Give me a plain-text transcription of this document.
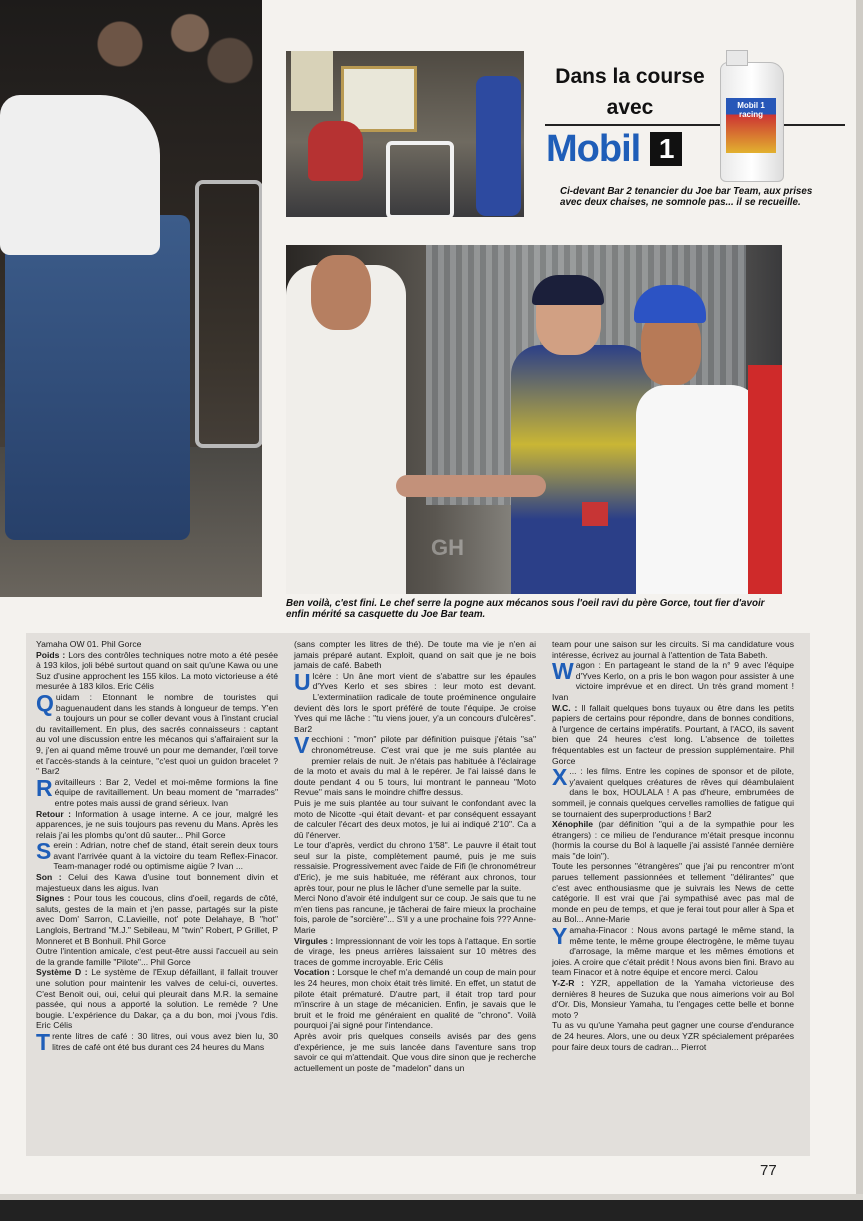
Dans la course
avec
Mobil 1
Mobil 1 racing
Ci-devant Bar 2 tenancier du Joe bar Team, aux prises avec deux chaises, ne somnole pas... il se recueille.
GH
Ben voilà, c'est fini. Le chef serre la pogne aux mécanos sous l'oeil ravi du père Gorce, tout fier d'avoir enfin mérité sa casquette du Joe Bar team.

Yamaha OW 01. Phil Gorce

Poids : Lors des contrôles techniques notre moto a été pesée à 193 kilos, joli bébé surtout quand on sait qu'une Kawa ou une Suz d'usine approchent les 155 kilos. La moto victorieuse a été mesurée à 183 kilos. Eric Célis

Quidam : Etonnant le nombre de touristes qui baguenaudent dans les stands à longueur de temps. Y'en a toujours un pour se coller devant vous à l'instant crucial du ravitaillement. En plus, des sacrés connaisseurs : captant au vol une discussion entre les mécanos qui s'affairaient sur la 9, j'en ai quand même trouvé un pour me demander, l'œil torve et l'accès-stands à la ceinture, "c'est quoi un guidon bracelet ? " Bar2

Ravitailleurs : Bar 2, Vedel et moi-même formions la fine équipe de ravitaillement. Un beau moment de "marrades" entre potes mais aussi de grand sérieux. Ivan

Retour : Information à usage interne. A ce jour, malgré les apparences, je ne suis toujours pas revenu du Mans. Après les relais j'ai les plombs qu'ont dû sauter... Phil Gorce

Serein : Adrian, notre chef de stand, était serein deux tours avant l'arrivée quant à la victoire du team Reflex-Finacor. Team-manager rodé ou optimisme aigüe ? Ivan ...

Son : Celui des Kawa d'usine tout bonnement divin et majestueux dans les aigus. Ivan

Signes : Pour tous les coucous, clins d'oeil, regards de côté, saluts, gestes de la main et j'en passe, partagés sur la piste avec Dom' Sarron, C.Lavieille, not' pote Delahaye, B "hot" Langlois, Bertrand "M.J." Sebileau, M "twin" Robert, P Grillet, P Monneret et B Bonhuil. Phil Gorce

Outre l'intention amicale, c'est peut-être aussi l'accueil au sein de la grande famille "Pilote"... Phil Gorce

Système D : Le système de l'Exup défaillant, il fallait trouver une solution pour maintenir les valves de celui-ci, ouvertes. C'est Benoit oui, oui, celui qui pleurait dans M.R. la semaine passée, qui nous a apporté la solution. Le remède ? Une bougie. L'expérience du Dakar, ça a du bon, moi j'vous l'dis. Eric Célis

Trente litres de café : 30 litres, oui vous avez bien lu, 30 litres de café ont été bus durant ces 24 heures du Mans

(sans compter les litres de thé). De toute ma vie je n'en ai jamais préparé autant. Exploit, quand on sait que je ne bois jamais de café. Babeth

Ulcère : Un âne mort vient de s'abattre sur les épaules d'Yves Kerlo et ses sbires : leur moto est devant. L'exterminatiion radicale de toute proéminence ongulaire devient dès lors le sport préféré de toute l'équipe. Je croise Yves qui me lâche : "tu viens jouer, y'a un concours d'ulcères". Bar2

Vecchioni : "mon" pilote par définition puisque j'étais "sa" chronométreuse. C'est vrai que je me suis plantée au premier relais de nuit. Je n'étais pas habituée à l'éclairage de la moto et avais du mal à le repérer. Je l'ai laissé dans le doute pendant 4 ou 5 tours, lui montrant le panneau "Moto Revue" mais sans le moindre chiffre dessus.

Puis je me suis plantée au tour suivant le confondant avec la moto de Nicotte -qui était devant- et par conséquent essayant de calculer l'écart des deux motos, je lui ai indiqué 2'10". Ca a dû l'énerver.

Le tour d'après, verdict du chrono 1'58". Le pauvre il était tout seul sur la piste, complètement paumé, puis je me suis ressaisie. Progressivement avec l'aide de Fifi (le chronométreur d'Eric), je me suis habituée, me référant aux chronos, tour après tour, pour ne plus le lâcher d'une semelle par la suite.

Merci Nono d'avoir été indulgent sur ce coup. Je sais que tu ne m'en tiens pas rancune, je tâcherai de faire mieux la prochaine fois, parole de "sorcière"... S'il y a une prochaine fois ??? Anne-Marie

Virgules : Impressionnant de voir les tops à l'attaque. En sortie de virage, les pneus arrières laissaient sur 10 mètres des traces de gomme incroyable. Eric Célis

Vocation : Lorsque le chef m'a demandé un coup de main pour les 24 heures, mon choix était très limité. En effet, un statut de pilote était prématuré. D'autre part, il était trop tard pour m'inscrire à un stage de mécanicien. Enfin, je savais que le bruit et le froid me généraient en qualité de "chrono". Voilà pourquoi j'ai signé pour l'intendance.

Après avoir pris quelques conseils avisés par des gens d'expérience, je me suis lancée dans l'aventure sans trop savoir ce qui m'attendait. Que vous dire sinon que je recherche actuellement un poste de "madelon" dans un

team pour une saison sur les circuits. Si ma candidature vous intéresse, écrivez au journal à l'attention de Tata Babeth.

Wagon : En partageant le stand de la n° 9 avec l'équipe d'Yves Kerlo, on a pris le bon wagon pour assister à une victoire imprévue et en direct. Un très grand moment ! Ivan

W.C. : Il fallait quelques bons tuyaux ou être dans les petits papiers de certains pour répondre, dans de bonnes conditions, à l'urgence de certains impératifs. Pourtant, à l'ACO, ils savent bien que 24 heures c'est long. L'absence de toilettes fréquentables est un facteur de pression supplémentaire. Phil Gorce

X ... : les films. Entre les copines de sponsor et de pilote, y'avaient quelques créatures de rêves qui déambulaient dans le box, HOULALA ! A pas d'heure, embrumées de sommeil, je connais quelques cervelles ramollies de fatigue qui se tournaient des superproductions ! Bar2

Xénophile (par définition "qui a de la sympathie pour les étrangers) : ce milieu de l'endurance m'était presque inconnu (hormis la course du Bol à laquelle j'ai assisté l'année dernière mais "de loin").

Toute les personnes "étrangères" que j'ai pu rencontrer m'ont parues tellement passionnées et tellement "délirantes" que c'est avec enthousiasme que je suivrais les News de cette catégorie. Il est vrai que j'ai sympathisé avec pas mal de monde en peu de temps, et que je ferai tout pour aller à Spa et au Bol... Anne-Marie

Yamaha-Finacor : Nous avons partagé le même stand, la même tente, le même groupe électrogène, le même tuyau d'arrosage, la même marque et les mêmes émotions et joies. A croire que c'était prédit ! Nous avons bien fini. Bravo au team Finacor et à notre équipe et encore merci. Calou

Y-Z-R : YZR, appellation de la Yamaha victorieuse des dernières 8 heures de Suzuka que nous aimerions voir au Bol d'Or. Dis, Monsieur Yamaha, tu l'engages cette belle et bonne moto ?

Tu as vu qu'une Yamaha peut gagner une course d'endurance de 24 heures. Alors, une ou deux YZR spécialement préparées pour faire deux tours de cadran... Pierrot

77
